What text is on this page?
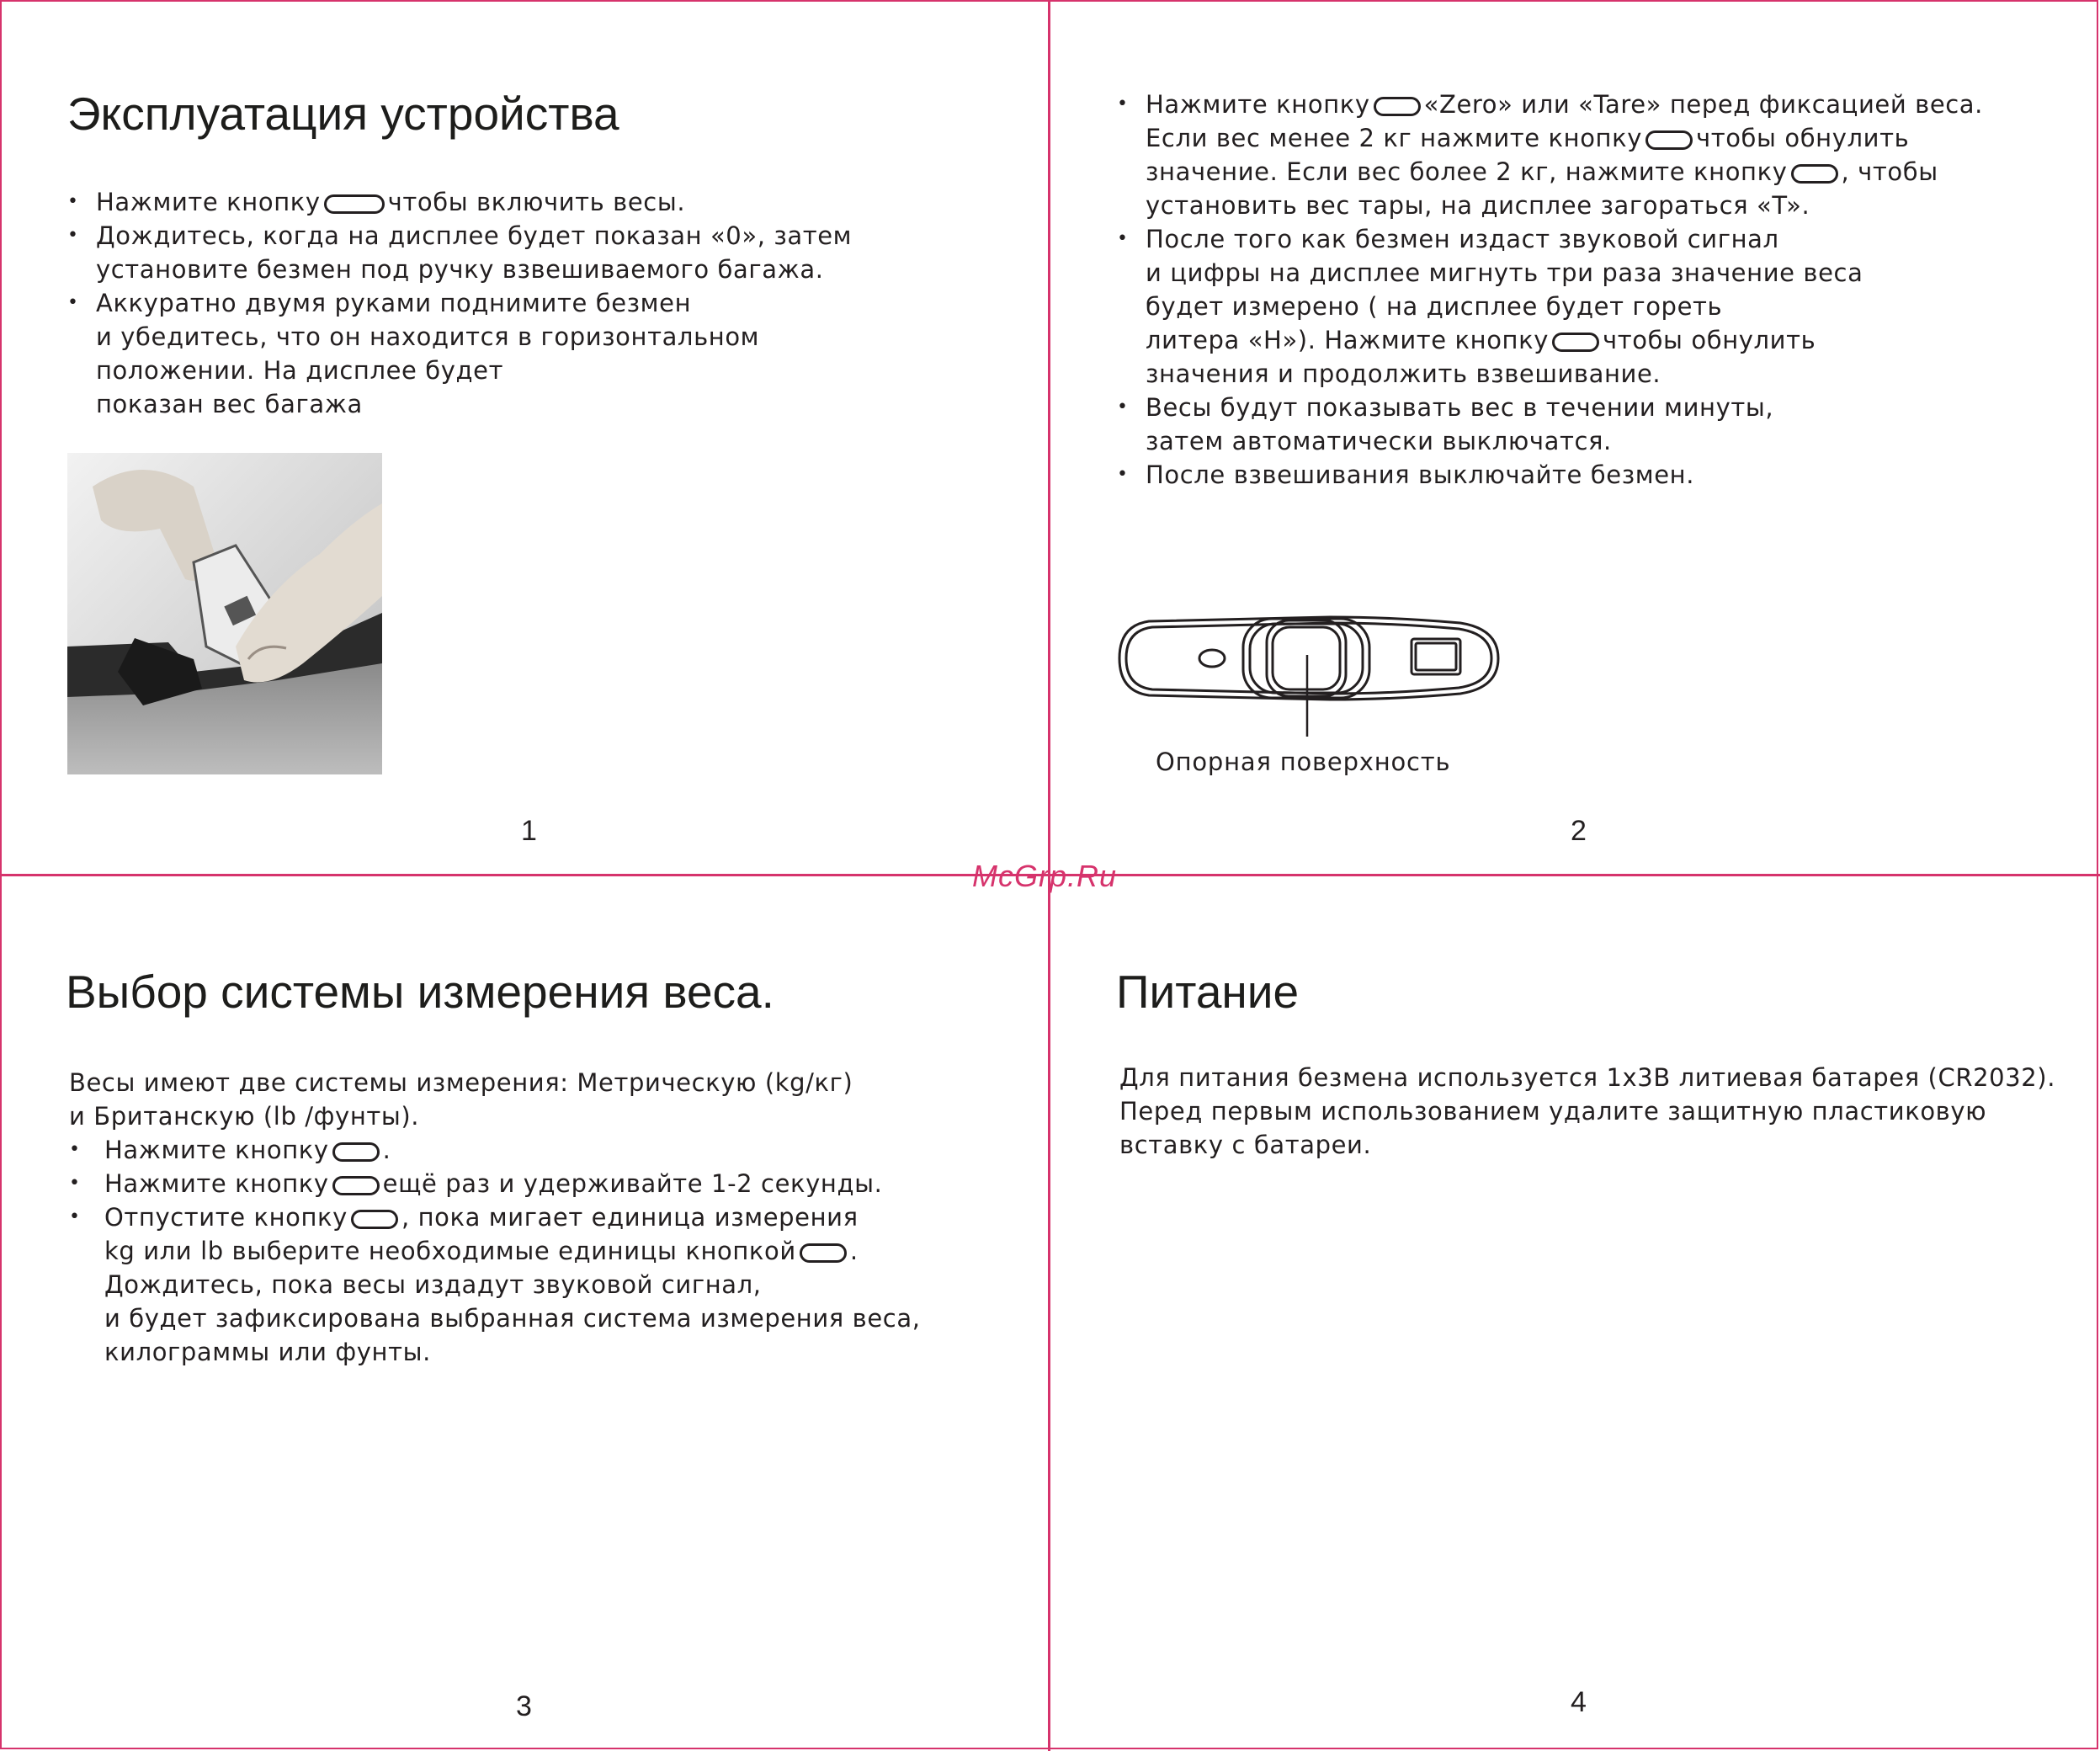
Эксплуатация устройства
• Нажмите кнопку	чтобы включить весы.
• Дождитесь, когда на дисплее будет показан «0», затем
установите безмен под ручку взвешиваемого багажа.
• Аккуратно двумя руками поднимите безмен
и убедитесь, что он находится в горизонтальном
положении. На дисплее будет
показан вес багажа
1
• Нажмите кнопку «Zero» или «Tare» перед фиксацией веса.
Если вес менее 2 кг нажмите кнопку чтобы обнулить
значение. Если вес более 2 кг, нажмите кнопку , чтобы
установить вес тары, на дисплее загораться «T».
• После того как безмен издаст звуковой сигнал
и цифры на дисплее мигнуть три раза значение веса
будет измерено ( на дисплее будет гореть
литера «H»). Нажмите кнопку чтобы обнулить
значения и продолжить взвешивание.
• Весы будут показывать вес в течении минуты,
затем автоматически выключатся.
• После взвешивания выключайте безмен.
Опорная поверхность
2
McGrp.Ru
Выбор системы измерения веса.

Весы имеют две системы измерения: Метрическую (kg/кг)
и Британскую (lb /фунты).

• Нажмите кнопку .
• Нажмите кнопку ещё раз и удерживайте 1-2 секунды.
• Отпустите кнопку , пока мигает единица измерения
kg или lb выберите необходимые единицы кнопкой .
Дождитесь, пока весы издадут звуковой сигнал,
и будет зафиксирована выбранная система измерения веса,
килограммы или фунты.
3
Питание

Для питания безмена используется 1x3В литиевая батарея (CR2032).
Перед первым использованием удалите защитную пластиковую
вставку с батареи.

4
